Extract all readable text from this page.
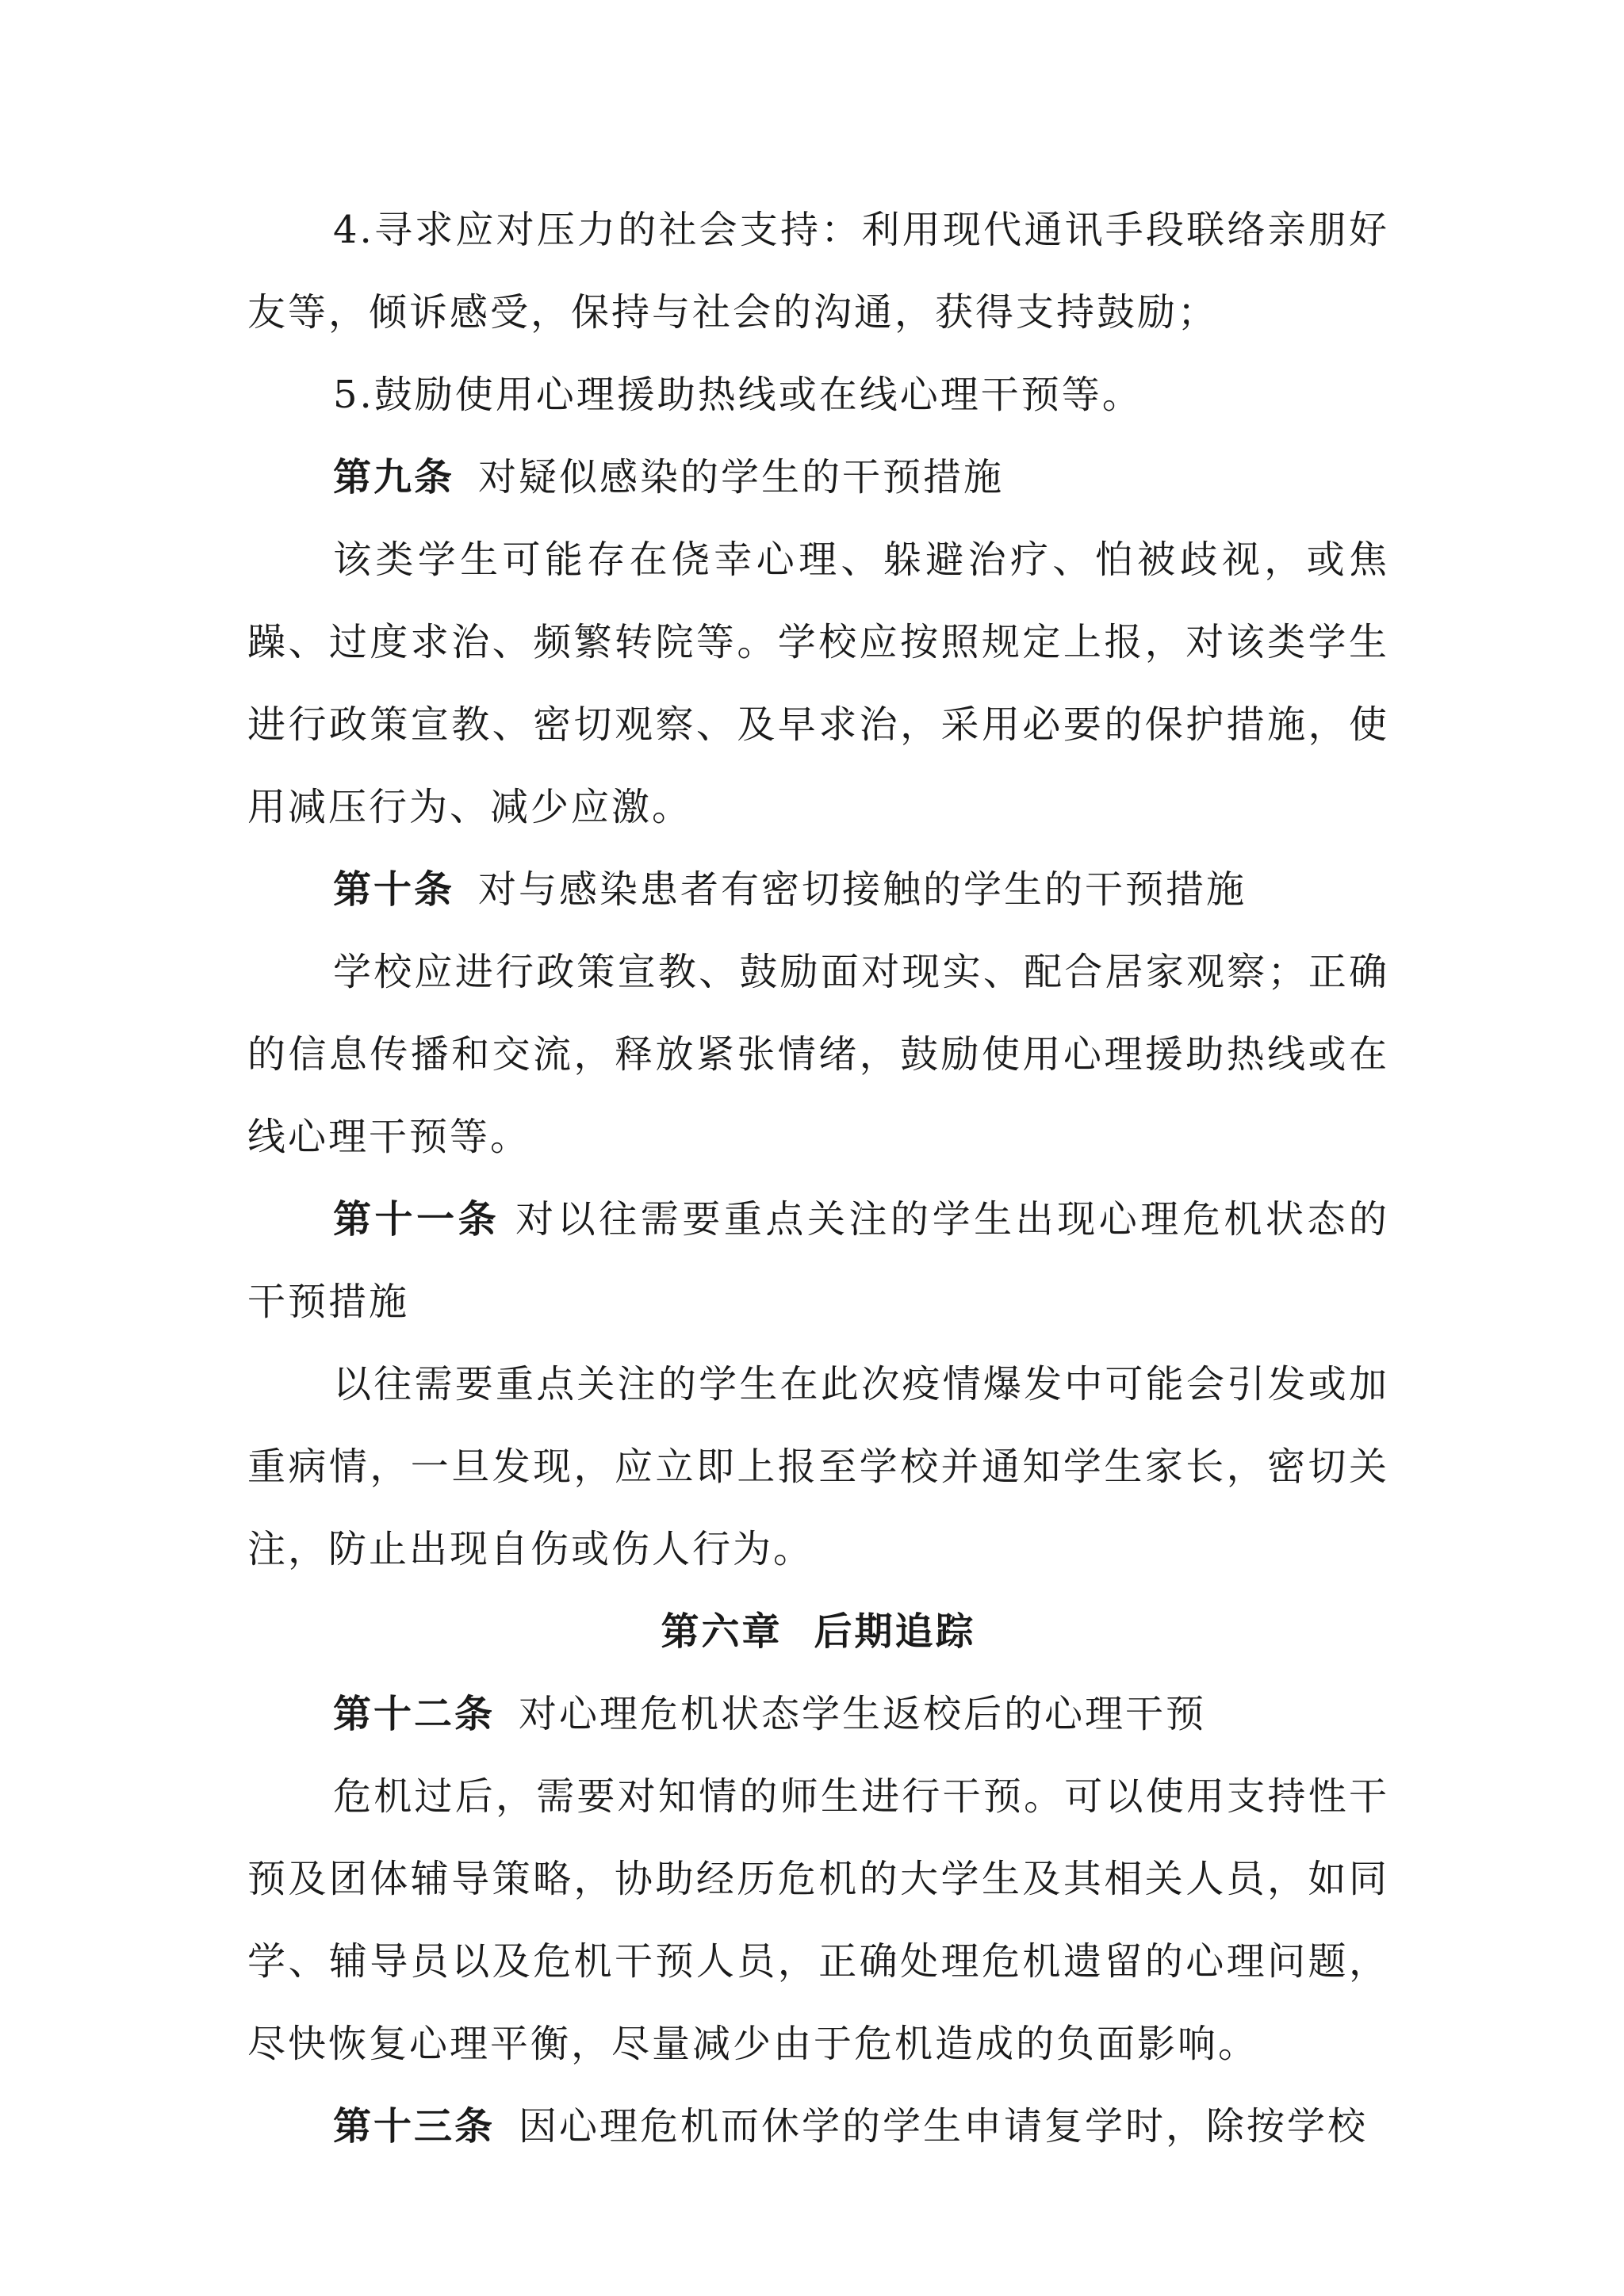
4.寻求应对压力的社会支持：利用现代通讯手段联络亲朋好友等，倾诉感受，保持与社会的沟通，获得支持鼓励；

5.鼓励使用心理援助热线或在线心理干预等。

第九条 对疑似感染的学生的干预措施

该类学生可能存在侥幸心理、躲避治疗、怕被歧视，或焦躁、过度求治、频繁转院等。学校应按照规定上报，对该类学生进行政策宣教、密切观察、及早求治，采用必要的保护措施，使用减压行为、减少应激。

第十条 对与感染患者有密切接触的学生的干预措施

学校应进行政策宣教、鼓励面对现实、配合居家观察；正确的信息传播和交流，释放紧张情绪，鼓励使用心理援助热线或在线心理干预等。

第十一条 对以往需要重点关注的学生出现心理危机状态的干预措施

以往需要重点关注的学生在此次疫情爆发中可能会引发或加重病情，一旦发现，应立即上报至学校并通知学生家长，密切关注，防止出现自伤或伤人行为。

第六章 后期追踪

第十二条 对心理危机状态学生返校后的心理干预

危机过后，需要对知情的师生进行干预。可以使用支持性干预及团体辅导策略，协助经历危机的大学生及其相关人员，如同学、辅导员以及危机干预人员，正确处理危机遗留的心理问题，尽快恢复心理平衡，尽量减少由于危机造成的负面影响。

第十三条 因心理危机而休学的学生申请复学时，除按学校
